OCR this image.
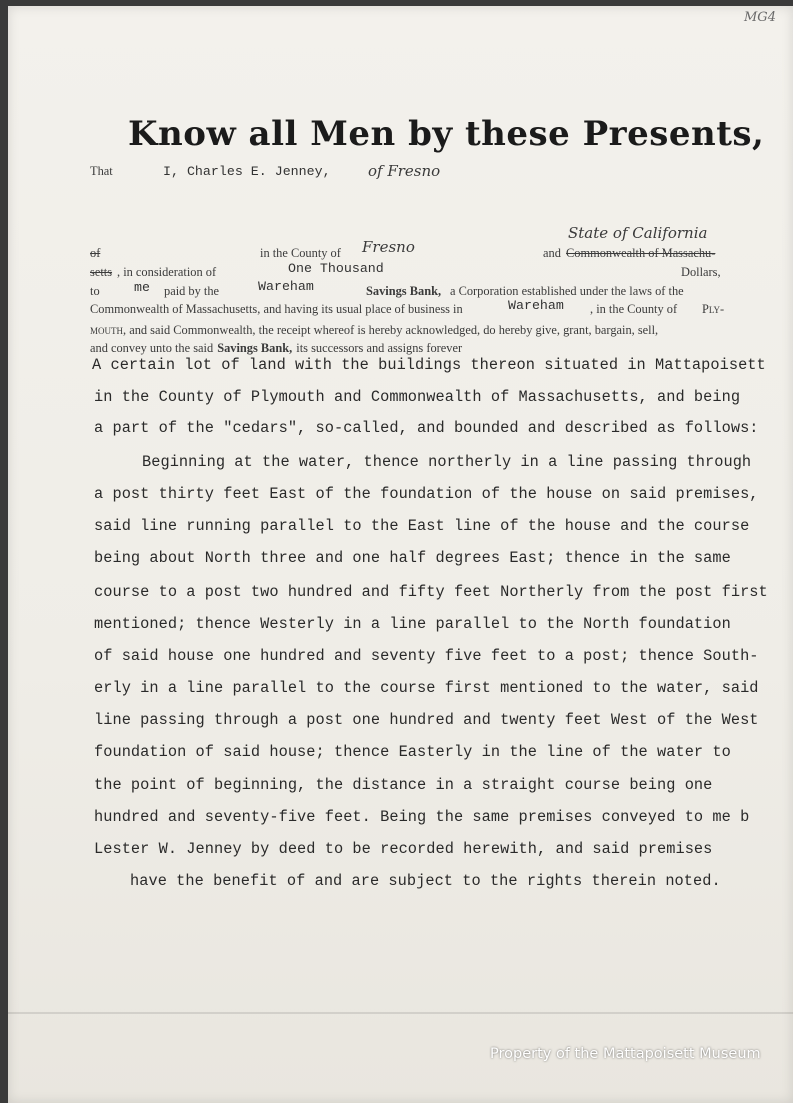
MG4
Know all Men by these Presents,
That	I, Charles E. Jenney, of Fresno
of	in the County of Fresno
State of California
and Commonwealth of Massachu-
setts , in consideration of	One Thousand	Dollars,
to	me paid by the	Wareham	Savings Bank, a Corporation established under the laws of the
Commonwealth of Massachusetts, and having its usual place of business in	Wareham , in the County of Ply-
mouth, and said Commonwealth, the receipt whereof is hereby acknowledged, do hereby give, grant, bargain, sell,
and convey unto the said Savings Bank, its successors and assigns forever
A certain lot of land with the buildings thereon situated in Mattapoisett
in the County of Plymouth and Commonwealth of Massachusetts, and being
a part of the "cedars", so-called, and bounded and described as follows:
Beginning at the water, thence northerly in a line passing through
a post thirty feet East of the foundation of the house on said premises,
said line running parallel to the East line of the house and the course
being about North three and one half degrees East; thence in the same
course to a post two hundred and fifty feet Northerly from the post first
mentioned; thence Westerly in a line parallel to the North foundation
of said house one hundred and seventy five feet to a post; thence South-
erly in a line parallel to the course first mentioned to the water, said
line passing through a post one hundred and twenty feet West of the West
foundation of said house; thence Easterly in the line of the water to
the point of beginning, the distance in a straight course being one
hundred and seventy-five feet. Being the same premises conveyed to me b
Lester W. Jenney by deed to be recorded herewith, and said premises
have the benefit of and are subject to the rights therein noted.
Property of the Mattapoisett Museum
